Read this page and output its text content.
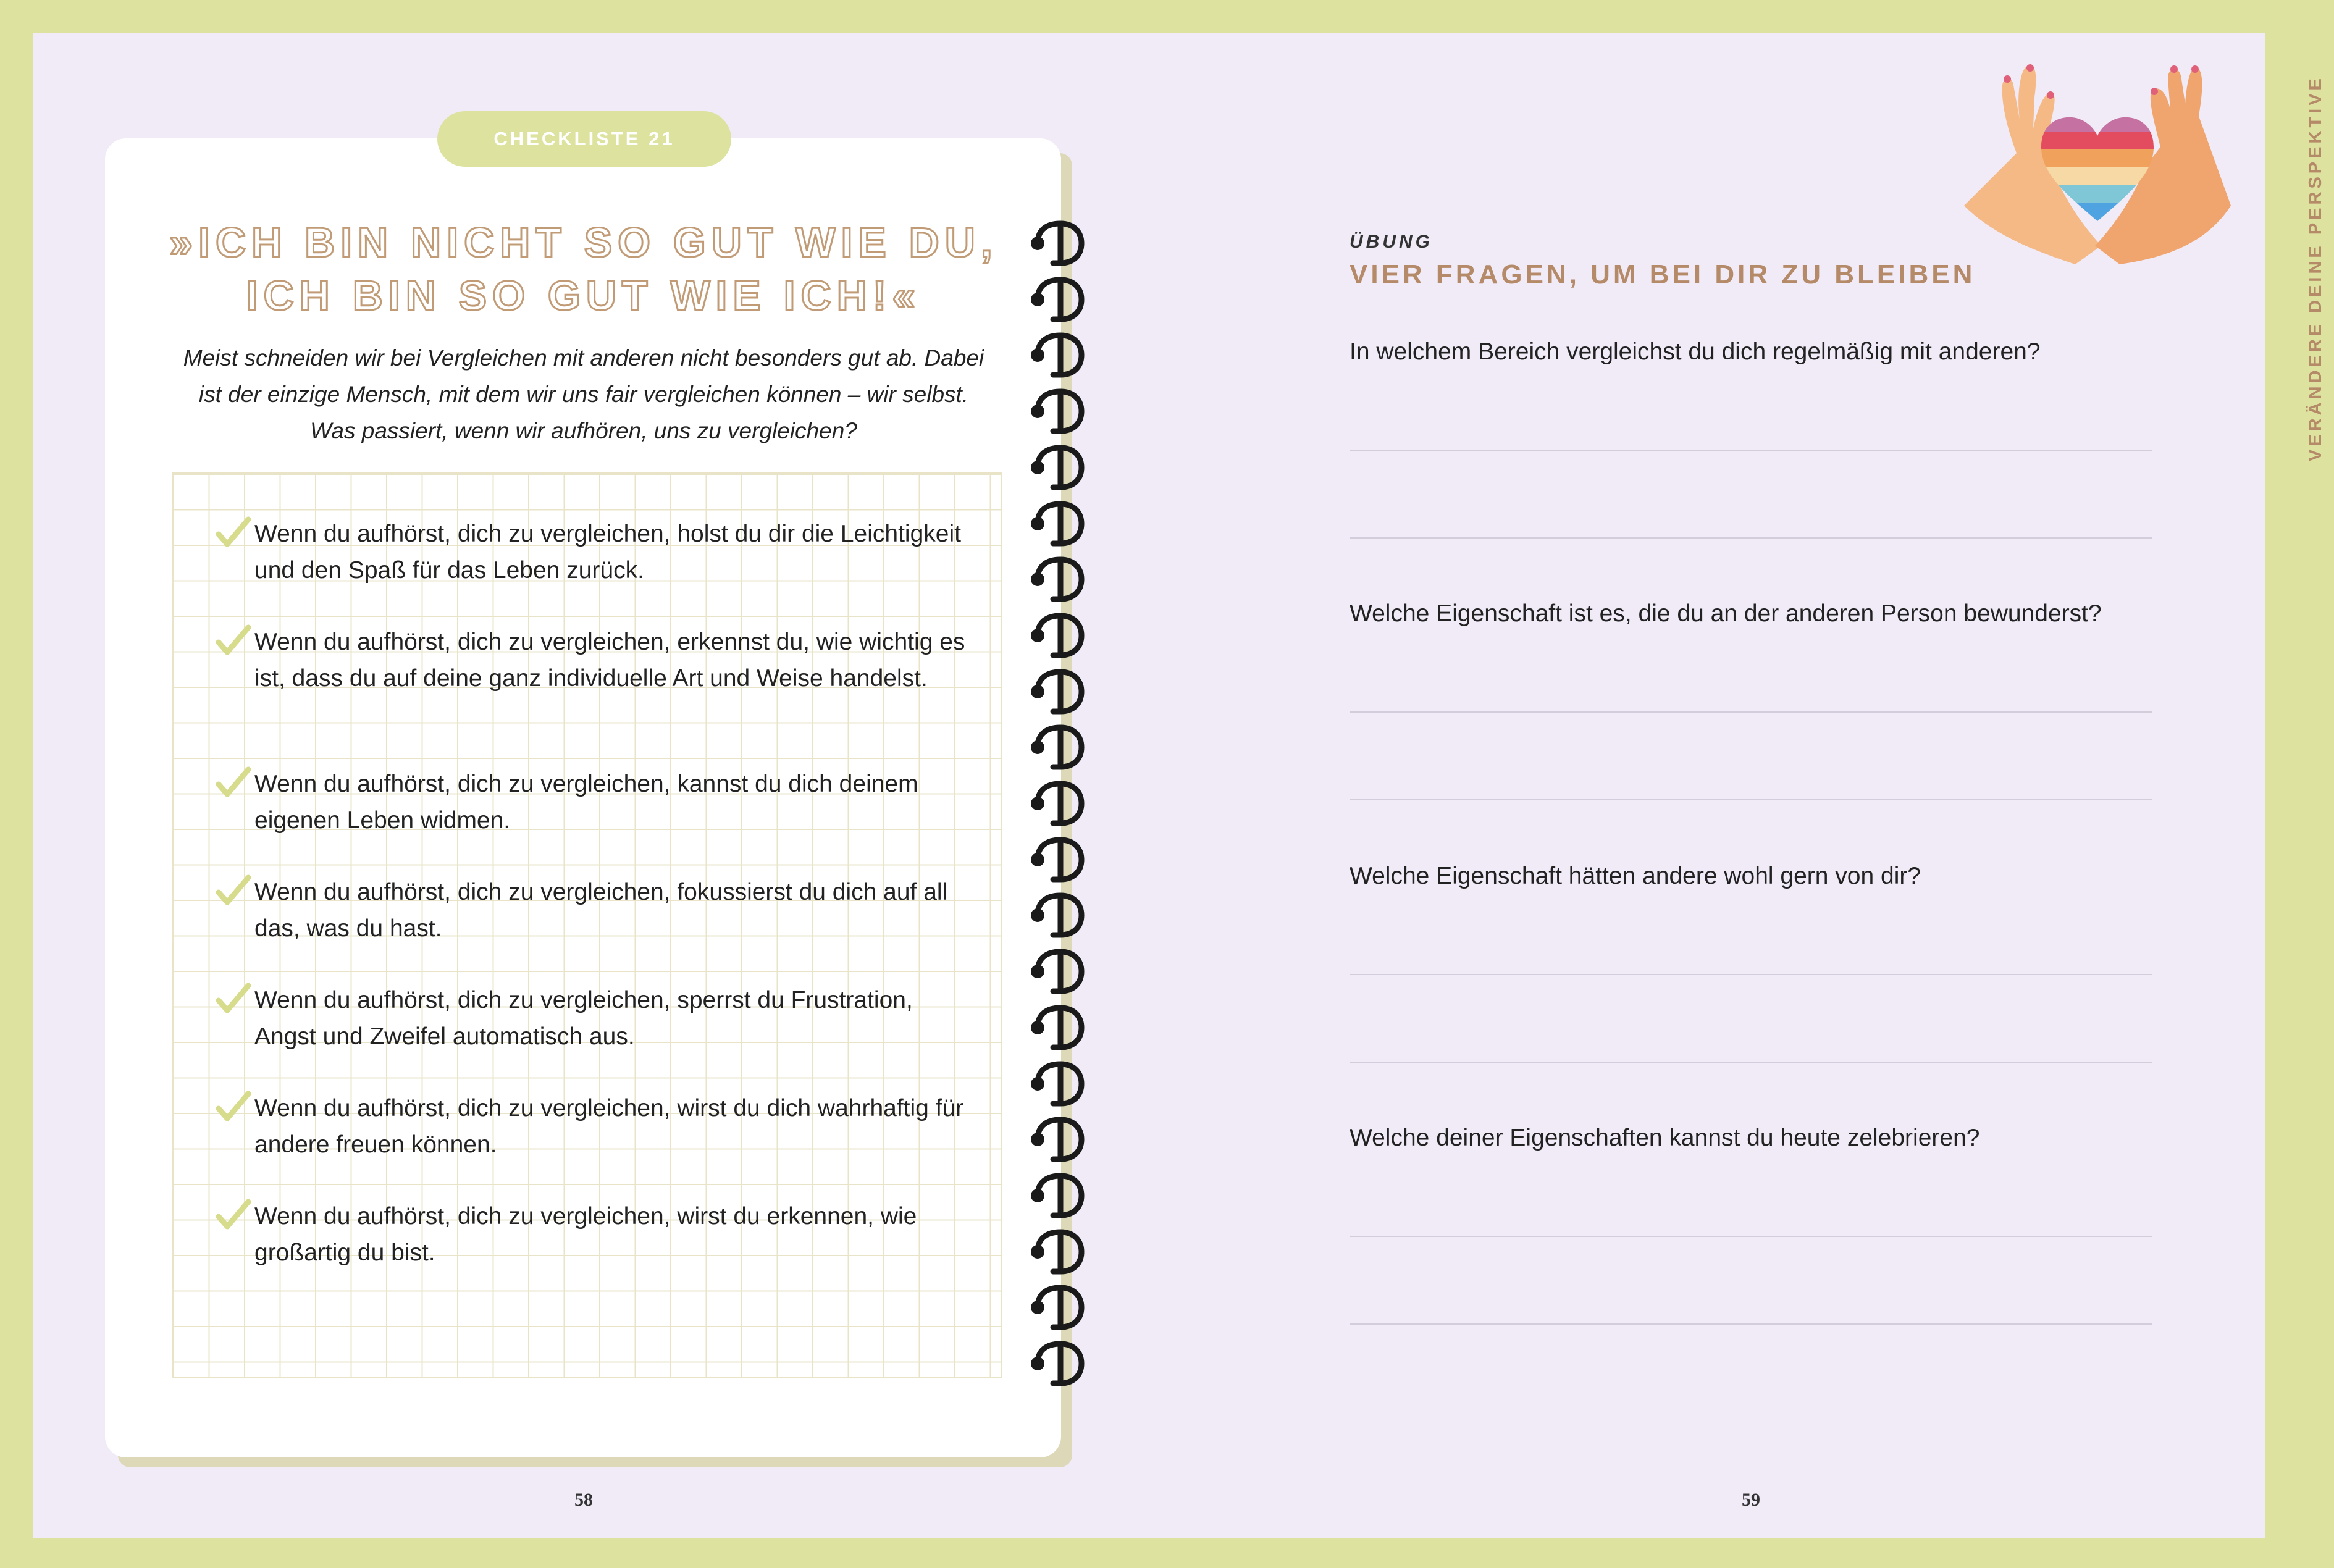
VERÄNDERE DEINE PERSPEKTIVE
CHECKLISTE 21
»ICH BIN NICHT SO GUT WIE DU, ICH BIN SO GUT WIE ICH!«
Meist schneiden wir bei Vergleichen mit anderen nicht besonders gut ab. Dabei ist der einzige Mensch, mit dem wir uns fair vergleichen können – wir selbst. Was passiert, wenn wir aufhören, uns zu vergleichen?
Wenn du aufhörst, dich zu vergleichen, holst du dir die Leichtigkeit und den Spaß für das Leben zurück.
Wenn du aufhörst, dich zu vergleichen, erkennst du, wie wichtig es ist, dass du auf deine ganz individuelle Art und Weise handelst.
Wenn du aufhörst, dich zu vergleichen, kannst du dich deinem eigenen Leben widmen.
Wenn du aufhörst, dich zu vergleichen, fokussierst du dich auf all das, was du hast.
Wenn du aufhörst, dich zu vergleichen, sperrst du Frustration, Angst und Zweifel automatisch aus.
Wenn du aufhörst, dich zu vergleichen, wirst du dich wahrhaftig für andere freuen können.
Wenn du aufhörst, dich zu vergleichen, wirst du erkennen, wie großartig du bist.
58
ÜBUNG
VIER FRAGEN, UM BEI DIR ZU BLEIBEN
In welchem Bereich vergleichst du dich regelmäßig mit anderen?
Welche Eigenschaft ist es, die du an der anderen Person bewunderst?
Welche Eigenschaft hätten andere wohl gern von dir?
Welche deiner Eigenschaften kannst du heute zelebrieren?
59
